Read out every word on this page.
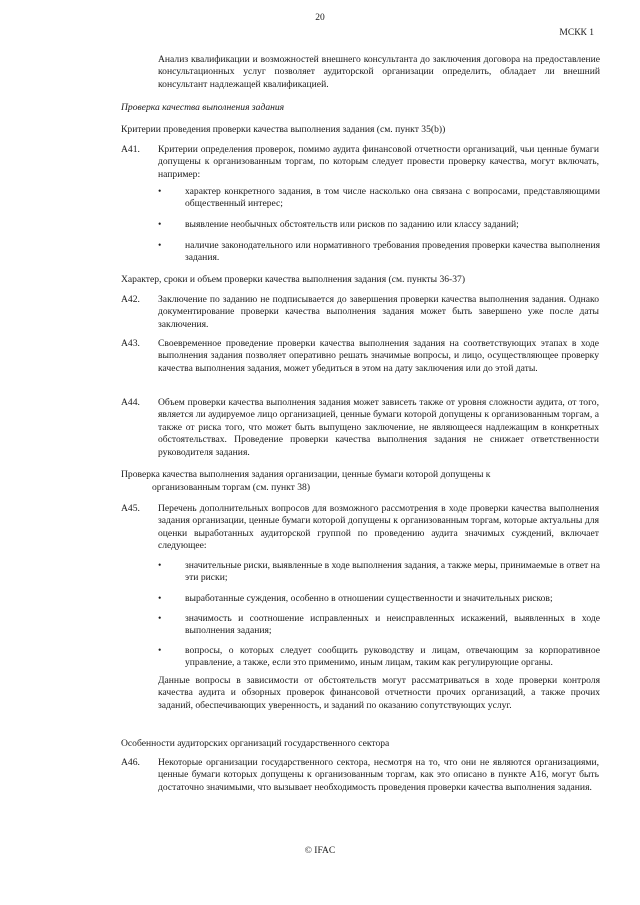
20
МСКК 1

Анализ квалификации и возможностей внешнего консультанта до заключения договора на предоставление консультационных услуг позволяет аудиторской организации определить, обладает ли внешний консультант надлежащей квалификацией.

Проверка качества выполнения задания
Критерии проведения проверки качества выполнения задания (см. пункт 35(b))
A41. Критерии определения проверок, помимо аудита финансовой отчетности организаций, чьи ценные бумаги допущены к организованным торгам, по которым следует провести проверку качества, могут включать, например:
• характер конкретного задания, в том числе насколько она связана с вопросами, представляющими общественный интерес;
• выявление необычных обстоятельств или рисков по заданию или классу заданий;
• наличие законодательного или нормативного требования проведения проверки качества выполнения задания.
Характер, сроки и объем проверки качества выполнения задания (см. пункты 36-37)
A42. Заключение по заданию не подписывается до завершения проверки качества выполнения задания. Однако документирование проверки качества выполнения задания может быть завершено уже после даты заключения.
A43. Своевременное проведение проверки качества выполнения задания на соответствующих этапах в ходе выполнения задания позволяет оперативно решать значимые вопросы, и лицо, осуществляющее проверку качества выполнения задания, может убедиться в этом на дату заключения или до этой даты.
A44. Объем проверки качества выполнения задания может зависеть также от уровня сложности аудита, от того, является ли аудируемое лицо организацией, ценные бумаги которой допущены к организованным торгам, а также от риска того, что может быть выпущено заключение, не являющееся надлежащим в конкретных обстоятельствах. Проведение проверки качества выполнения задания не снижает ответственности руководителя задания.
Проверка качества выполнения задания организации, ценные бумаги которой допущены к
организованным торгам (см. пункт 38)
A45. Перечень дополнительных вопросов для возможного рассмотрения в ходе проверки качества выполнения задания организации, ценные бумаги которой допущены к организованным торгам, которые актуальны для оценки выработанных аудиторской группой по проведению аудита значимых суждений, включает следующее:
• значительные риски, выявленные в ходе выполнения задания, а также меры, принимаемые в ответ на эти риски;
• выработанные суждения, особенно в отношении существенности и значительных рисков;
• значимость и соотношение исправленных и неисправленных искажений, выявленных в ходе выполнения задания;
• вопросы, о которых следует сообщить руководству и лицам, отвечающим за корпоративное управление, а также, если это применимо, иным лицам, таким как регулирующие органы.

Данные вопросы в зависимости от обстоятельств могут рассматриваться в ходе проверки контроля качества аудита и обзорных проверок финансовой отчетности прочих организаций, а также прочих заданий, обеспечивающих уверенность, и заданий по оказанию сопутствующих услуг.

Особенности аудиторских организаций государственного сектора
A46. Некоторые организации государственного сектора, несмотря на то, что они не являются организациями, ценные бумаги которых допущены к организованным торгам, как это описано в пункте A16, могут быть достаточно значимыми, что вызывает необходимость проведения проверки качества выполнения задания.
© IFAC
